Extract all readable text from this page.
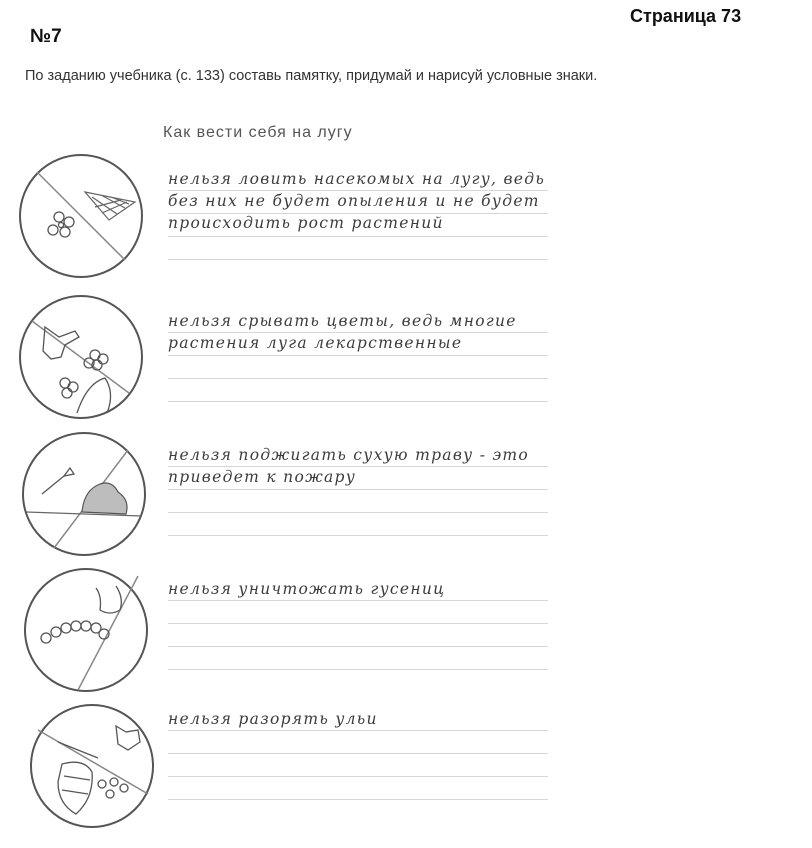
Страница 73
№7
По заданию учебника (с. 133) составь памятку, придумай и нарисуй условные знаки.
Как вести себя на лугу
нельзя ловить насекомых на лугу, ведь без них не будет опыления и не будет происходить рост растений
нельзя срывать цветы, ведь многие растения луга лекарственные
нельзя поджигать сухую траву - это приведет к пожару
нельзя уничтожать гусениц
нельзя разорять ульи
